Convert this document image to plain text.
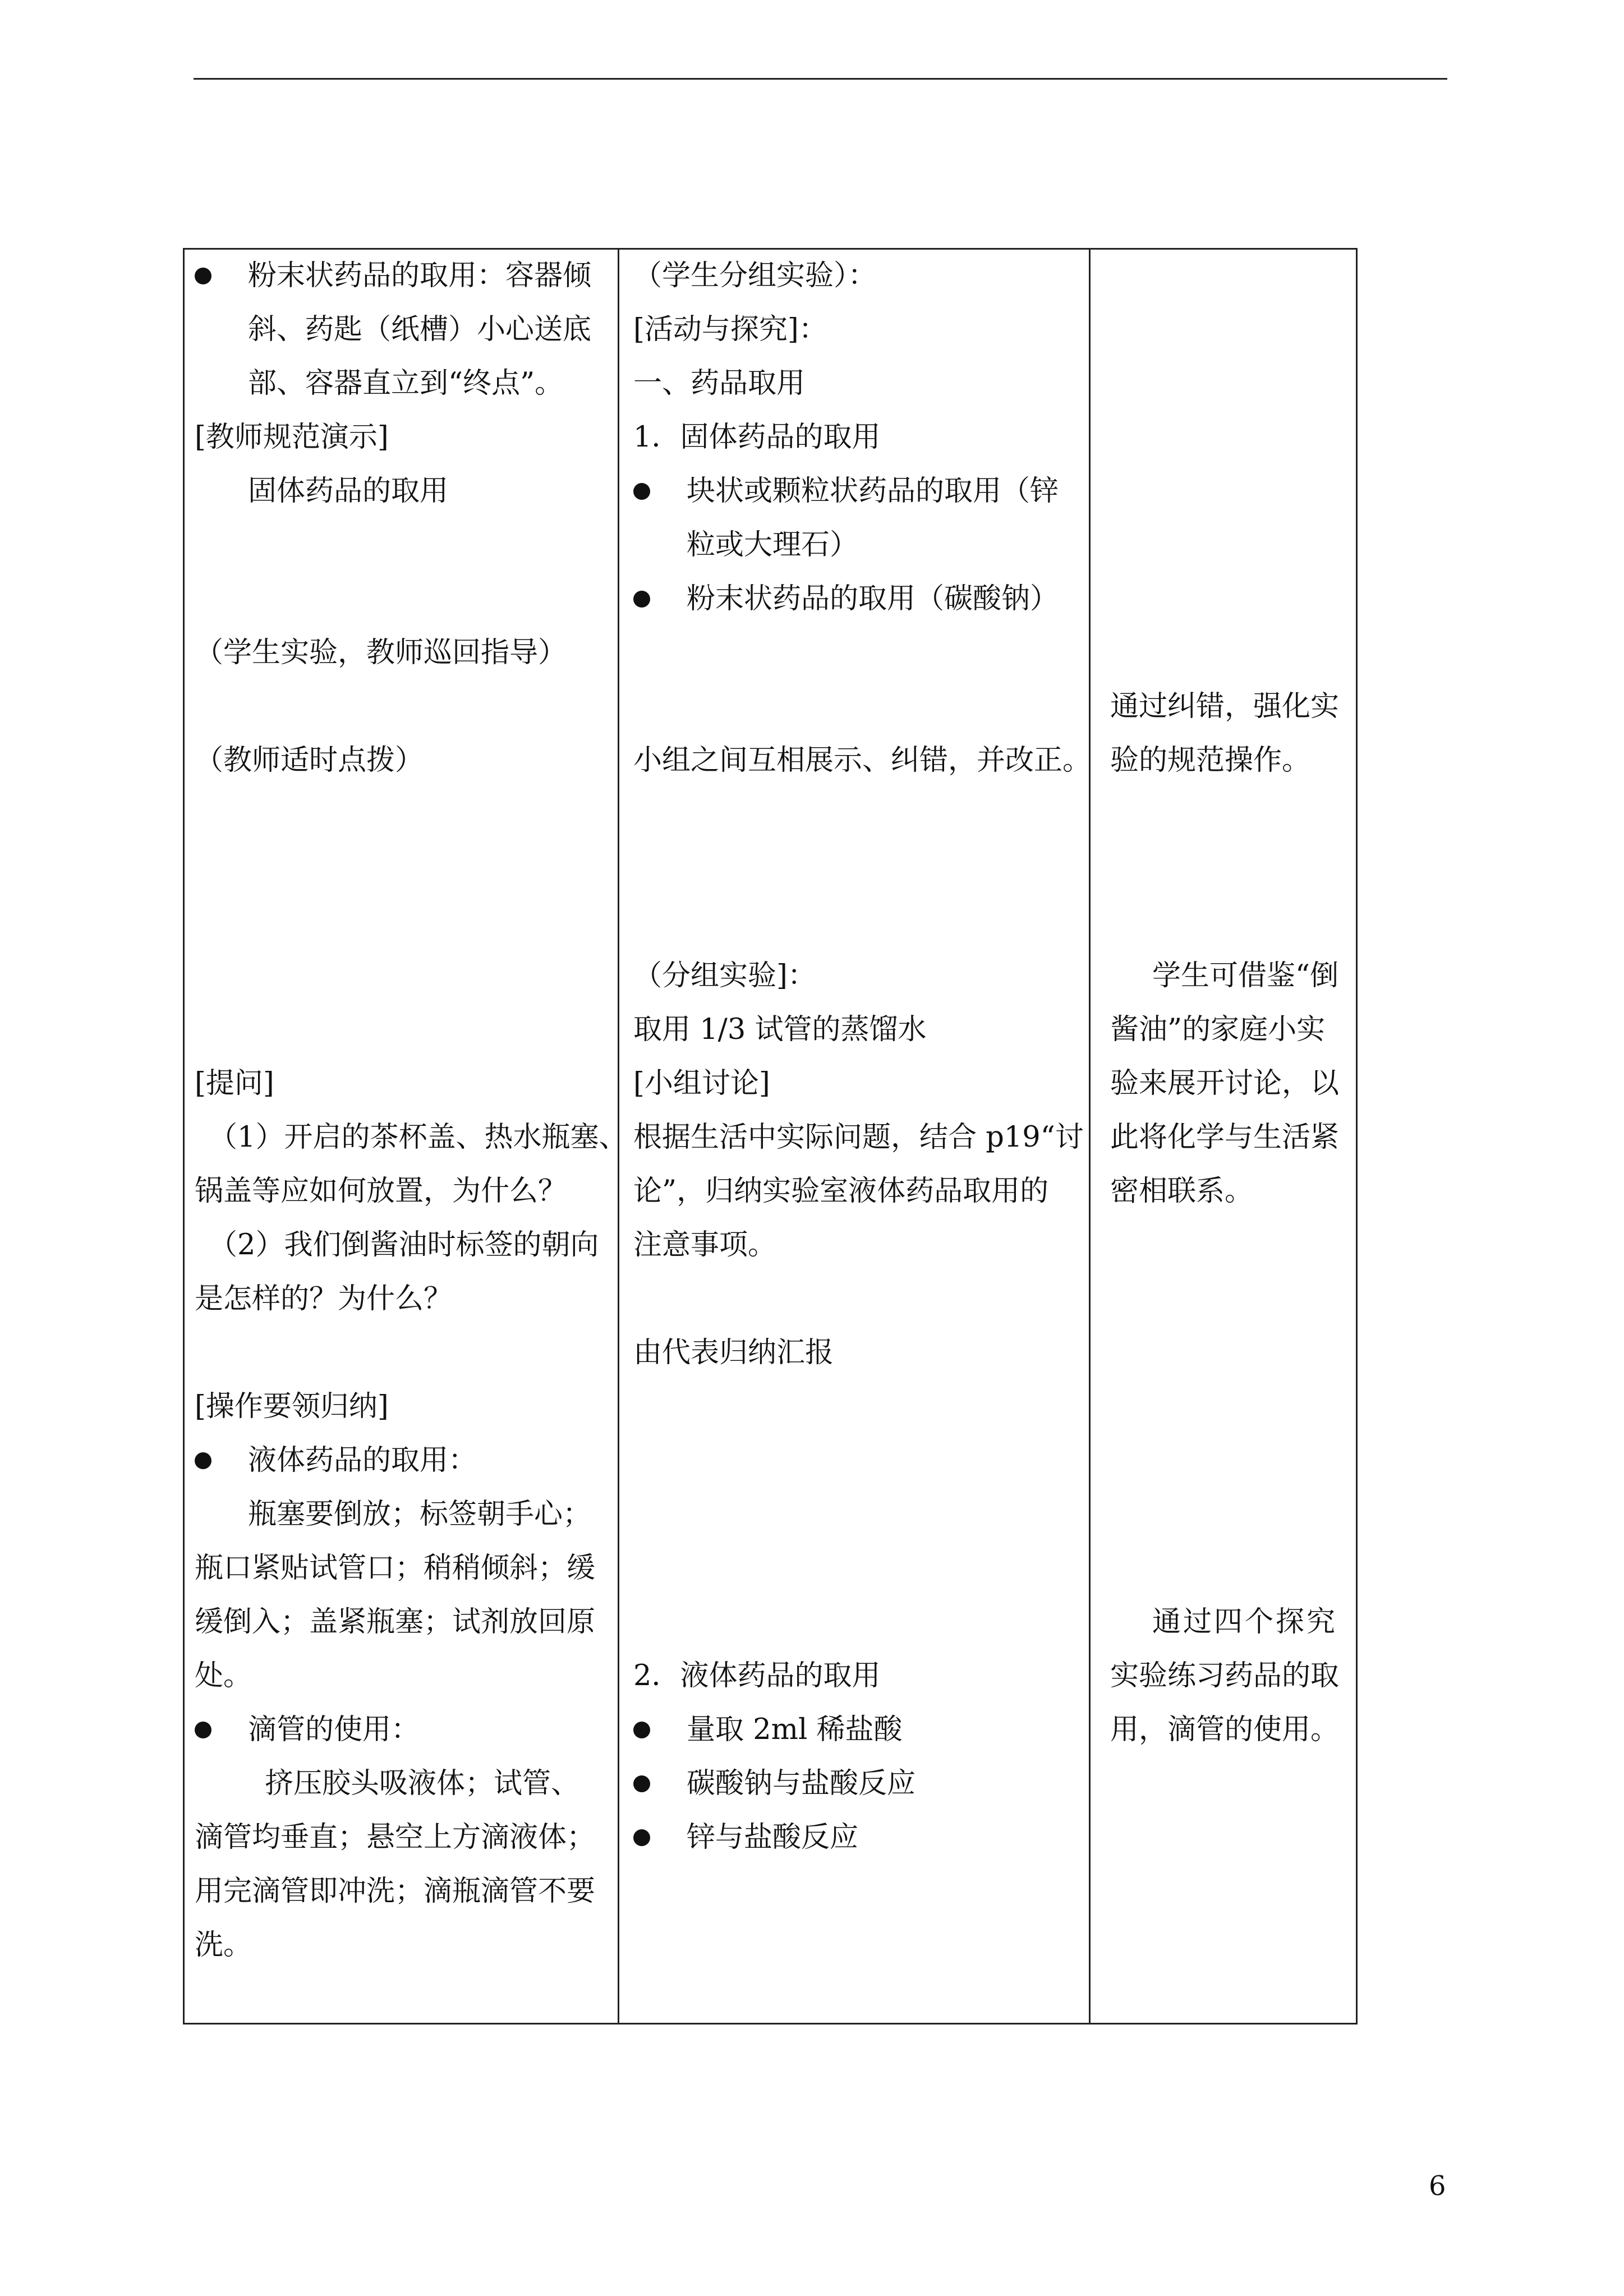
粉末状药品的取用：容器倾
斜、药匙（纸槽）小心送底
部、容器直立到“终点”。
[教师规范演示]
固体药品的取用
（学生实验，教师巡回指导）
（教师适时点拨）
[提问]
（1）开启的茶杯盖、热水瓶塞、
锅盖等应如何放置，为什么？
（2）我们倒酱油时标签的朝向
是怎样的？为什么？
[操作要领归纳]
液体药品的取用：
瓶塞要倒放；标签朝手心；
瓶口紧贴试管口；稍稍倾斜；缓
缓倒入；盖紧瓶塞；试剂放回原
处。
滴管的使用：
挤压胶头吸液体；试管、
滴管均垂直；悬空上方滴液体；
用完滴管即冲洗；滴瓶滴管不要
洗。
（学生分组实验）：
[活动与探究]：
一、药品取用
1．固体药品的取用
块状或颗粒状药品的取用（锌
粒或大理石）
粉末状药品的取用（碳酸钠）
小组之间互相展示、纠错，并改正。
（分组实验]：
取用 1/3 试管的蒸馏水
[小组讨论]
根据生活中实际问题，结合 p19“讨
论”，归纳实验室液体药品取用的
注意事项。
由代表归纳汇报
2．液体药品的取用
量取 2ml 稀盐酸
碳酸钠与盐酸反应
锌与盐酸反应
通过纠错，强化实
验的规范操作。
学生可借鉴“倒
酱油”的家庭小实
验来展开讨论，以
此将化学与生活紧
密相联系。
通过四个探究
实验练习药品的取
用，滴管的使用。
6
